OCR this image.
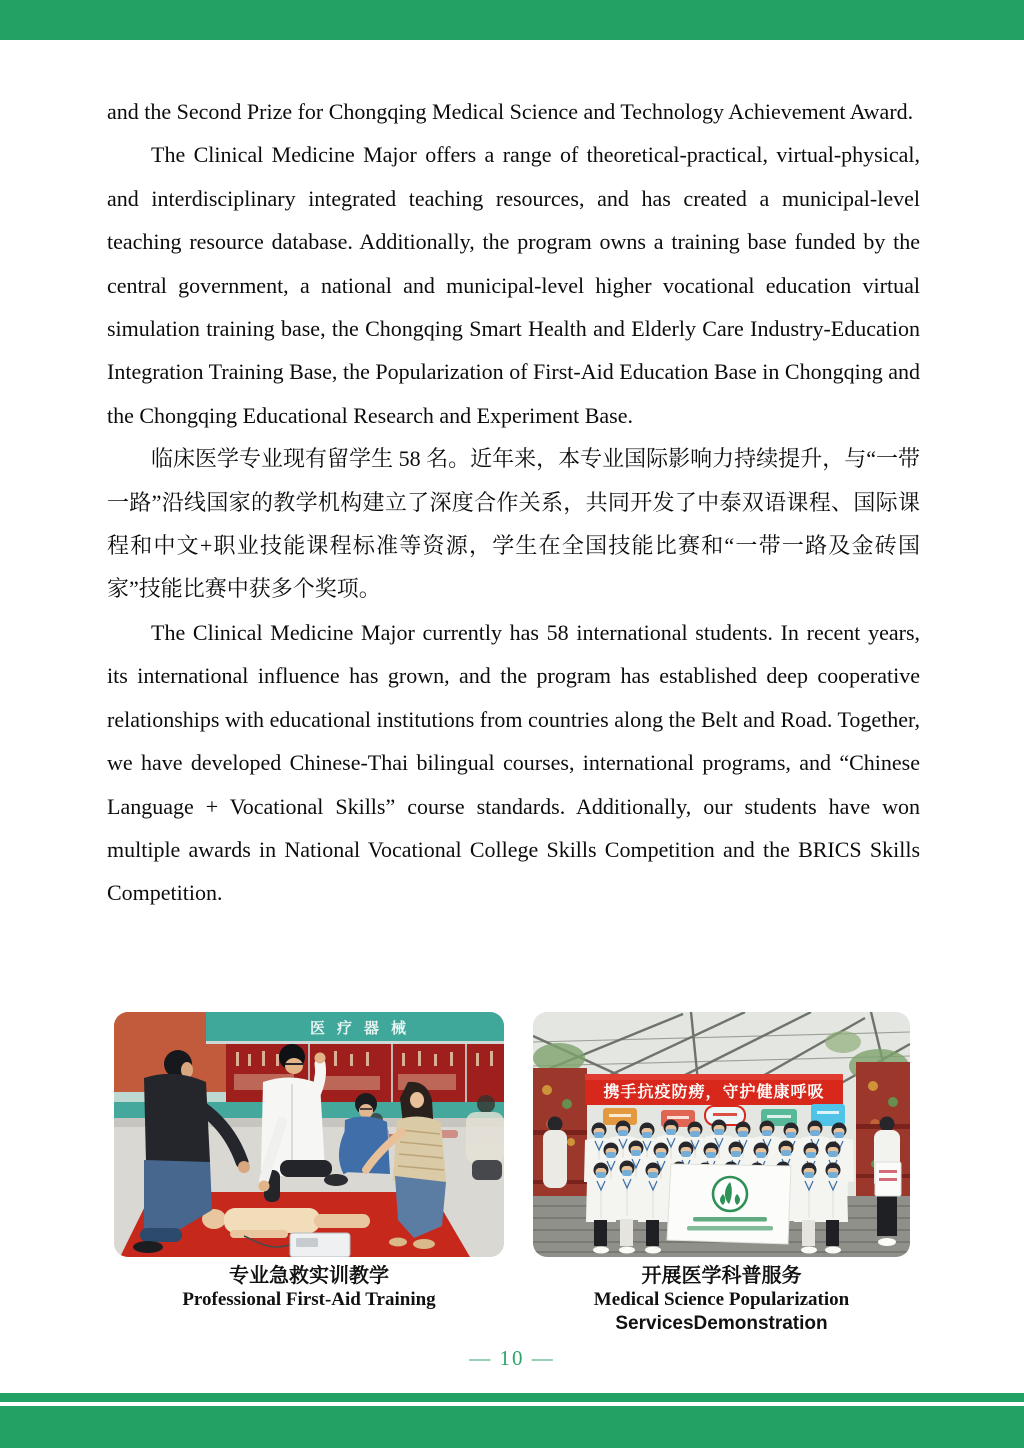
and the Second Prize for Chongqing Medical Science and Technology Achievement Award.

The Clinical Medicine Major offers a range of theoretical-practical, virtual-physical, and interdisciplinary integrated teaching resources, and has created a municipal-level teaching resource database. Additionally, the program owns a training base funded by the central government, a national and municipal-level higher vocational education virtual simulation training base, the Chongqing Smart Health and Elderly Care Industry-Education Integration Training Base, the Popularization of First-Aid Education Base in Chongqing and the Chongqing Educational Research and Experiment Base.

临床医学专业现有留学生 58 名。近年来，本专业国际影响力持续提升，与“一带一路”沿线国家的教学机构建立了深度合作关系，共同开发了中泰双语课程、国际课程和中文+职业技能课程标准等资源，学生在全国技能比赛和“一带一路及金砖国家”技能比赛中获多个奖项。

The Clinical Medicine Major currently has 58 international students. In recent years, its international influence has grown, and the program has established deep cooperative relationships with educational institutions from countries along the Belt and Road. Together, we have developed Chinese-Thai bilingual courses, international programs, and “Chinese Language + Vocational Skills” course standards. Additionally, our students have won multiple awards in National Vocational College Skills Competition and the BRICS Skills Competition.

医疗器械
携手抗疫防痨，守护健康呼吸
专业急救实训教学
Professional First-Aid Training
开展医学科普服务
Medical Science Popularization
ServicesDemonstration
— 10 —
